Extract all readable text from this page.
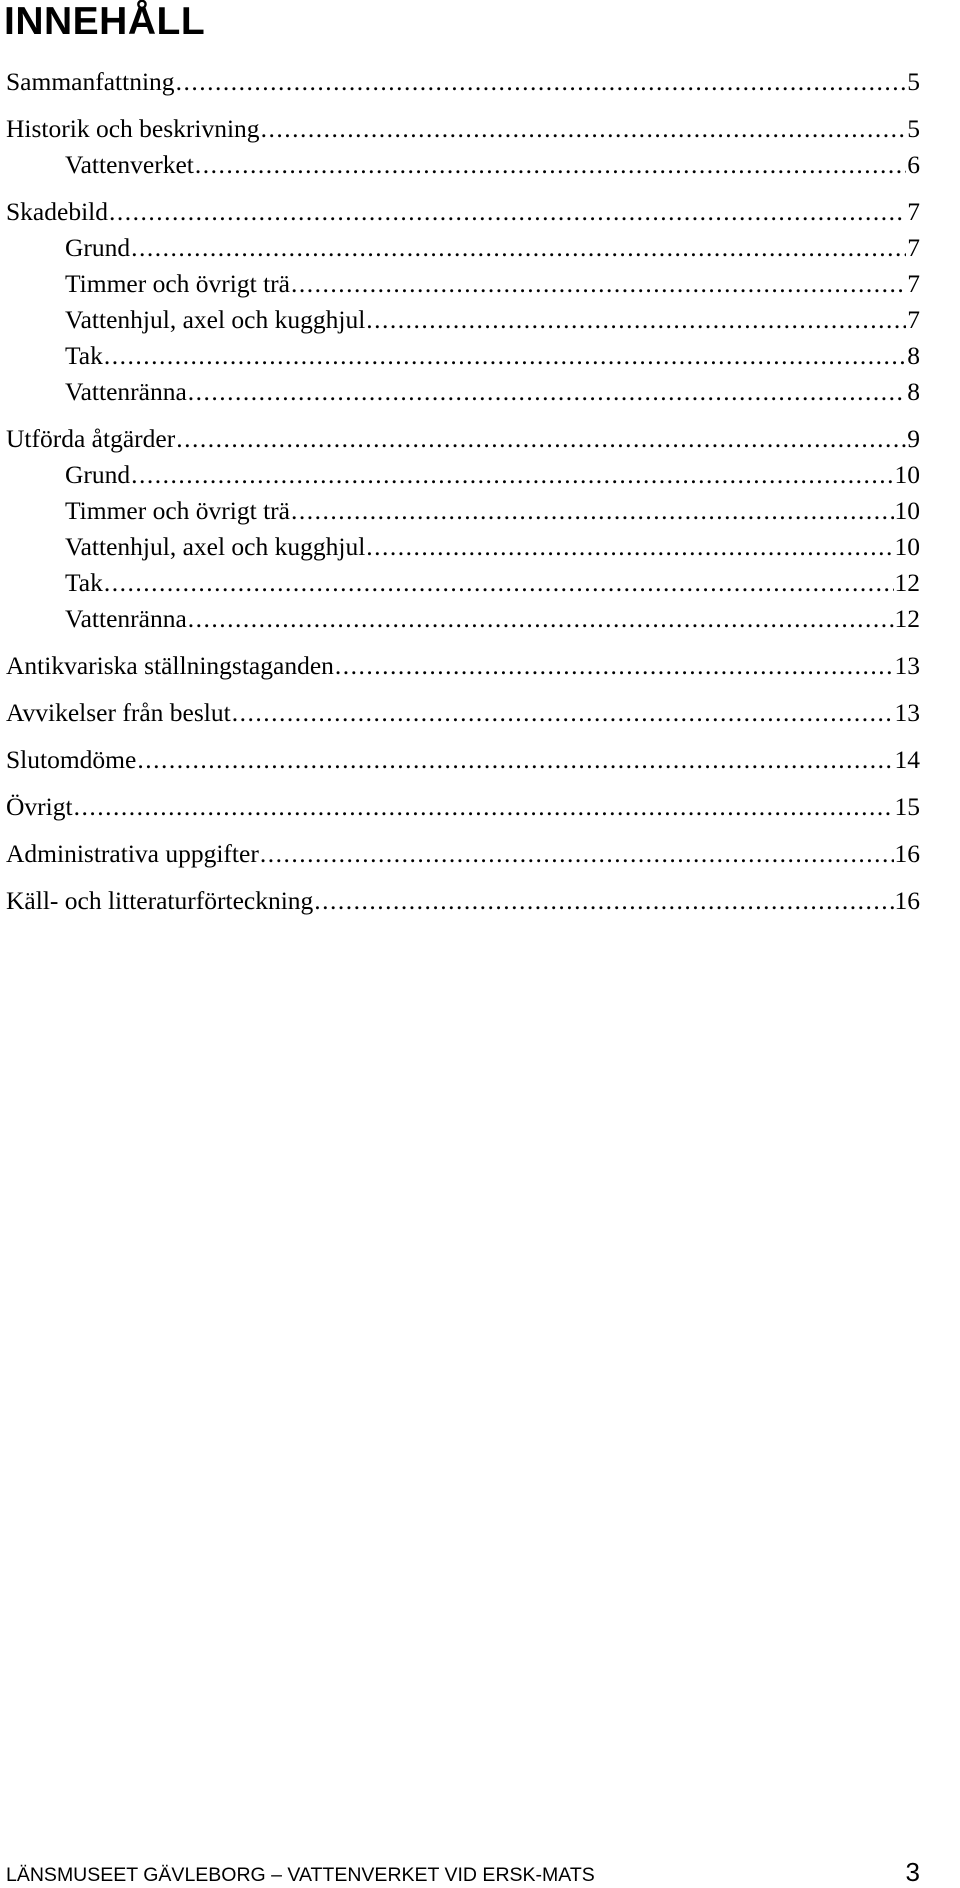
INNEHÅLL
Sammanfattning .....	5
Historik och beskrivning .....	5
Vattenverket .....	6
Skadebild .....	7
Grund .....	7
Timmer och övrigt trä .....	7
Vattenhjul, axel och kugghjul .....	7
Tak .....	8
Vattenränna .....	8
Utförda åtgärder .....	9
Grund .....	10
Timmer och övrigt trä .....	10
Vattenhjul, axel och kugghjul .....	10
Tak .....	12
Vattenränna .....	12
Antikvariska ställningstaganden .....	13
Avvikelser från beslut .....	13
Slutomdöme .....	14
Övrigt .....	15
Administrativa uppgifter .....	16
Käll- och litteraturförteckning .....	16
LÄNSMUSEET GÄVLEBORG – VATTENVERKET VID ERSK-MATS	3
